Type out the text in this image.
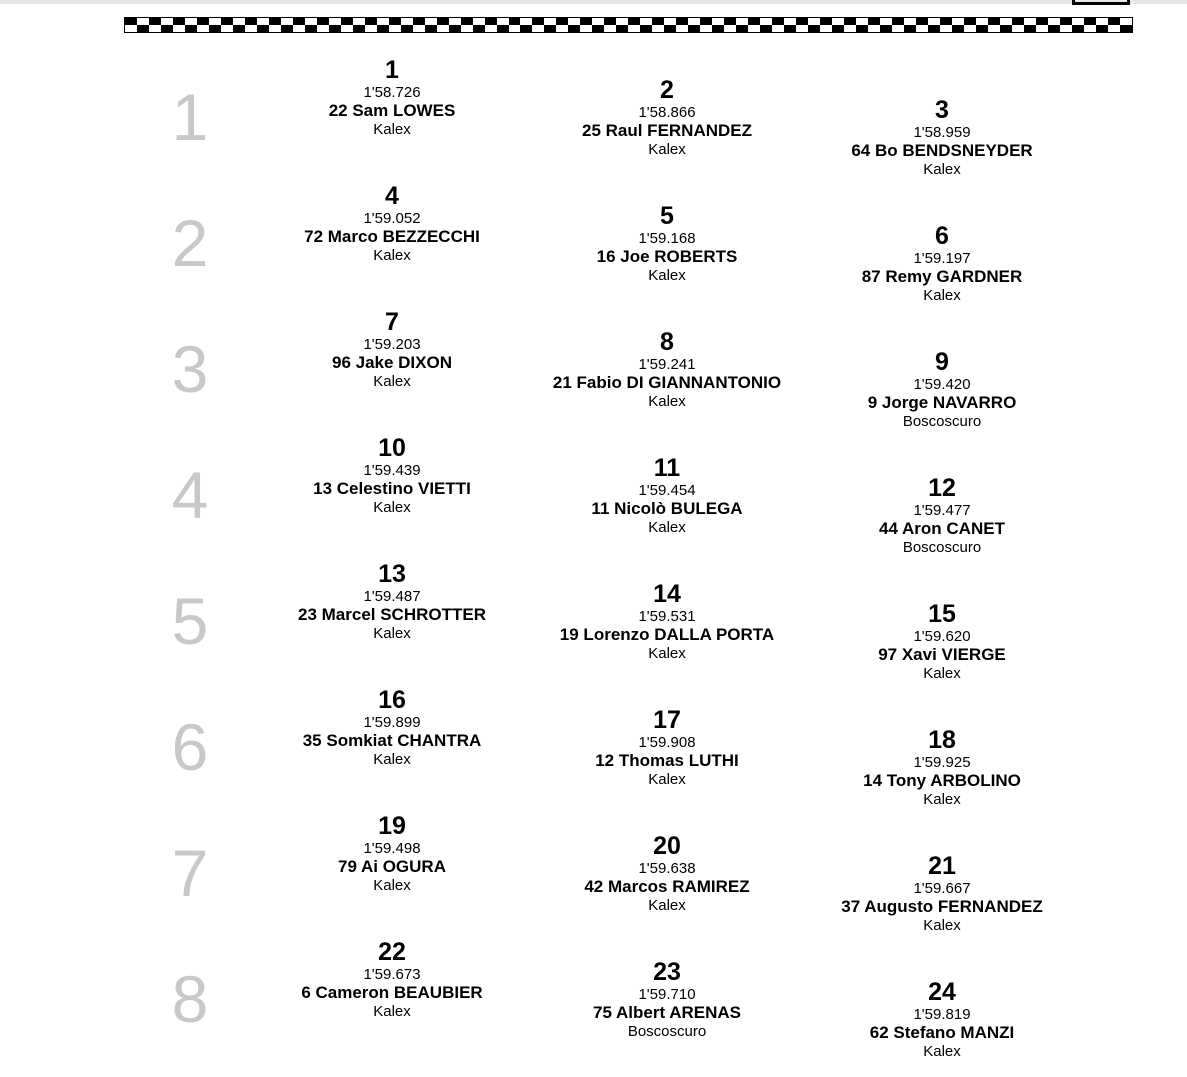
1
2
3
4
5
6
7
8
1
1'58.726
22 Sam LOWES
Kalex
2
1'58.866
25 Raul FERNANDEZ
Kalex
3
1'58.959
64 Bo BENDSNEYDER
Kalex
4
1'59.052
72 Marco BEZZECCHI
Kalex
5
1'59.168
16 Joe ROBERTS
Kalex
6
1'59.197
87 Remy GARDNER
Kalex
7
1'59.203
96 Jake DIXON
Kalex
8
1'59.241
21 Fabio DI GIANNANTONIO
Kalex
9
1'59.420
9 Jorge NAVARRO
Boscoscuro
10
1'59.439
13 Celestino VIETTI
Kalex
11
1'59.454
11 Nicolò BULEGA
Kalex
12
1'59.477
44 Aron CANET
Boscoscuro
13
1'59.487
23 Marcel SCHROTTER
Kalex
14
1'59.531
19 Lorenzo DALLA PORTA
Kalex
15
1'59.620
97 Xavi VIERGE
Kalex
16
1'59.899
35 Somkiat CHANTRA
Kalex
17
1'59.908
12 Thomas LUTHI
Kalex
18
1'59.925
14 Tony ARBOLINO
Kalex
19
1'59.498
79 Ai OGURA
Kalex
20
1'59.638
42 Marcos RAMIREZ
Kalex
21
1'59.667
37 Augusto FERNANDEZ
Kalex
22
1'59.673
6 Cameron BEAUBIER
Kalex
23
1'59.710
75 Albert ARENAS
Boscoscuro
24
1'59.819
62 Stefano MANZI
Kalex
